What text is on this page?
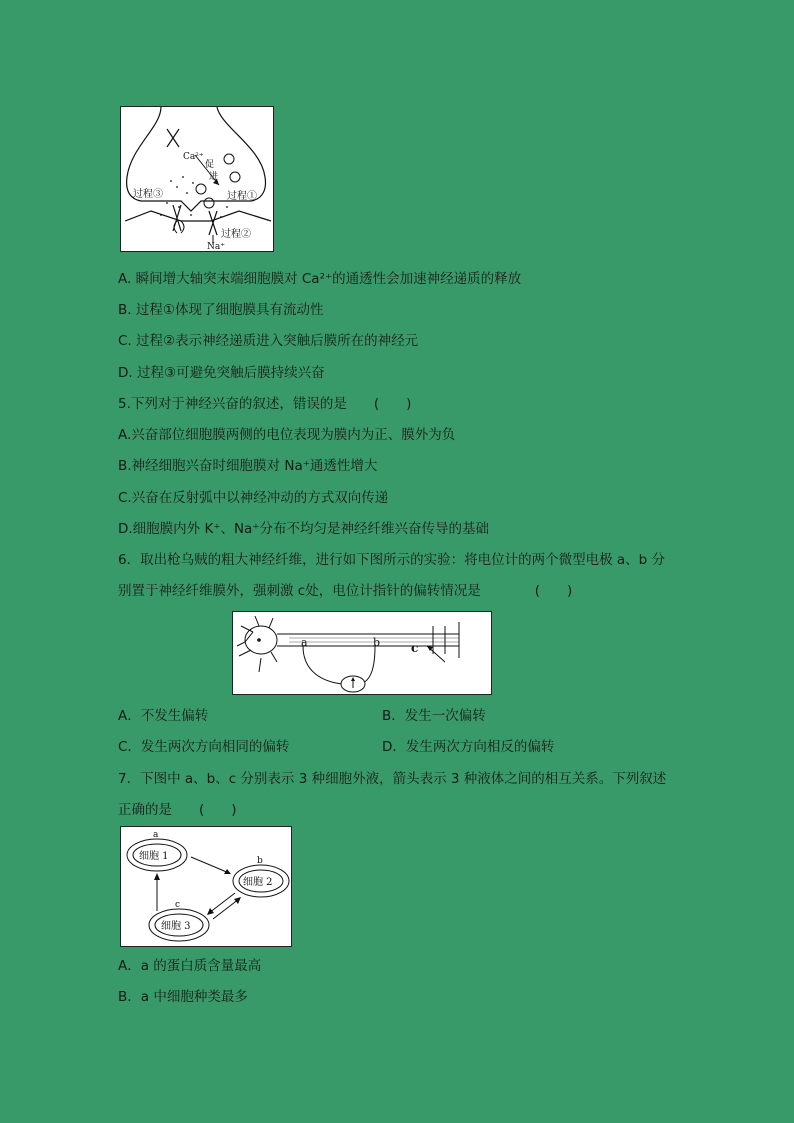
Ca²⁺
促
进
过程①
过程③
过程②
Na⁺
A. 瞬间增大轴突末端细胞膜对 Ca²⁺的通透性会加速神经递质的释放
B. 过程①体现了细胞膜具有流动性
C. 过程②表示神经递质进入突触后膜所在的神经元
D. 过程③可避免突触后膜持续兴奋
5.下列对于神经兴奋的叙述，错误的是　　(　　)
A.兴奋部位细胞膜两侧的电位表现为膜内为正、膜外为负
B.神经细胞兴奋时细胞膜对 Na⁺通透性增大
C.兴奋在反射弧中以神经冲动的方式双向传递
D.细胞膜内外 K⁺、Na⁺分布不均匀是神经纤维兴奋传导的基础
6．取出枪乌贼的粗大神经纤维，进行如下图所示的实验：将电位计的两个微型电极 a、b 分
别置于神经纤维膜外，强刺激 c处，电位计指针的偏转情况是　　　　(　　)
a	b	c
A．不发生偏转	B．发生一次偏转
C．发生两次方向相同的偏转	D．发生两次方向相反的偏转
7．下图中 a、b、c 分别表示 3 种细胞外液，箭头表示 3 种液体之间的相互关系。下列叙述
正确的是　　(　　)
a
b
c
细胞 1
细胞 2
细胞 3
A．a 的蛋白质含量最高
B．a 中细胞种类最多
